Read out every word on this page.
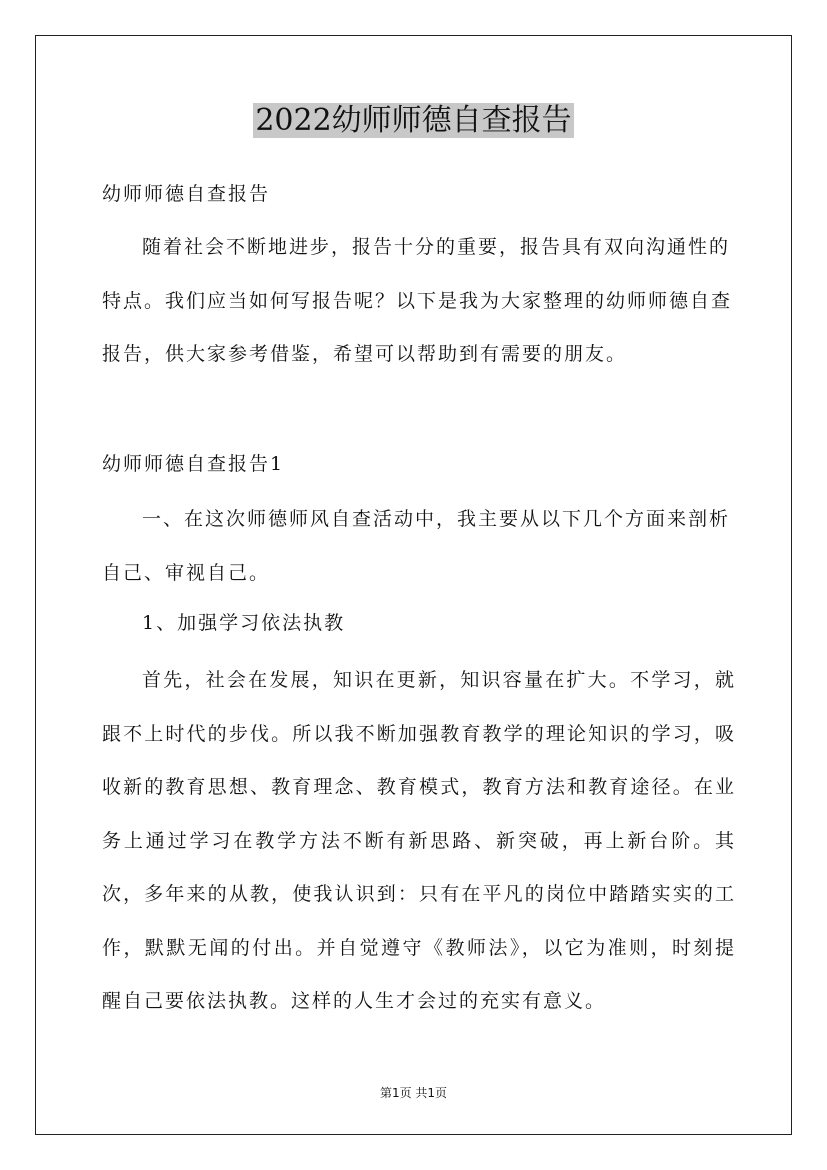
2022幼师师德自查报告
幼师师德自查报告
随着社会不断地进步，报告十分的重要，报告具有双向沟通性的特点。我们应当如何写报告呢？以下是我为大家整理的幼师师德自查报告，供大家参考借鉴，希望可以帮助到有需要的朋友。
幼师师德自查报告1
一、在这次师德师风自查活动中，我主要从以下几个方面来剖析自己、审视自己。
1、加强学习依法执教
首先，社会在发展，知识在更新，知识容量在扩大。不学习，就跟不上时代的步伐。所以我不断加强教育教学的理论知识的学习，吸收新的教育思想、教育理念、教育模式，教育方法和教育途径。在业务上通过学习在教学方法不断有新思路、新突破，再上新台阶。其次，多年来的从教，使我认识到：只有在平凡的岗位中踏踏实实的工作，默默无闻的付出。并自觉遵守《教师法》，以它为准则，时刻提醒自己要依法执教。这样的人生才会过的充实有意义。
第1页 共1页
